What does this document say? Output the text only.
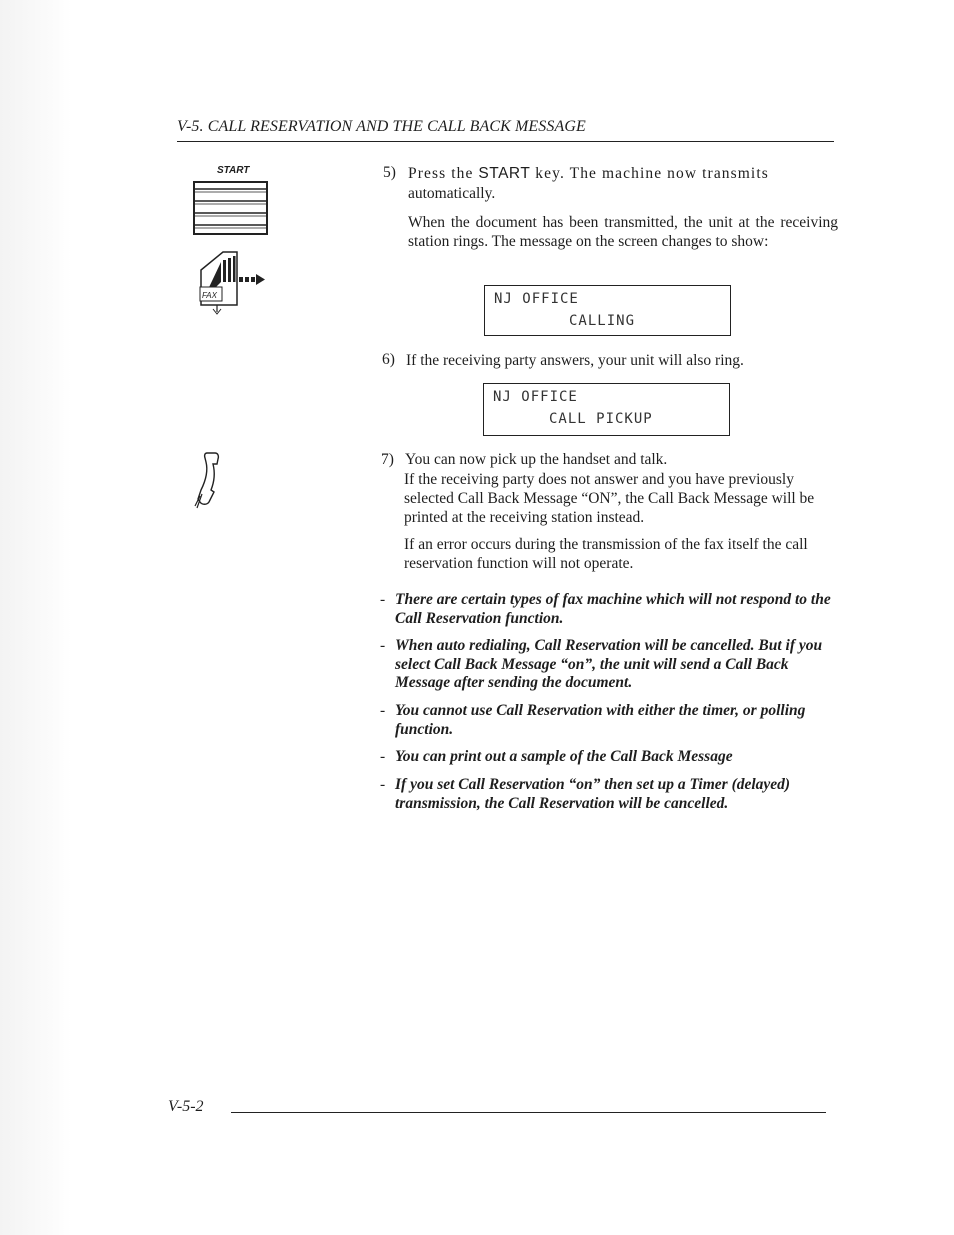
V-5. CALL RESERVATION AND THE CALL BACK MESSAGE
START
FAX
5) Press the START key. The machine now transmits
automatically.
When the document has been transmitted, the unit at the receiving station rings. The message on the screen changes to show:
NJ OFFICE
CALLING
6) If the receiving party answers, your unit will also ring.
NJ OFFICE
CALL PICKUP
7) You can now pick up the handset and talk.
If the receiving party does not answer and you have previously selected Call Back Message “ON”, the Call Back Message will be printed at the receiving station instead.
If an error occurs during the transmission of the fax itself the call reservation function will not operate.
- There are certain types of fax machine which will not respond to the Call Reservation function.
- When auto redialing, Call Reservation will be cancelled. But if you select Call Back Message “on”, the unit will send a Call Back Message after sending the document.
- You cannot use Call Reservation with either the timer, or polling function.
- You can print out a sample of the Call Back Message
- If you set Call Reservation “on” then set up a Timer (delayed) transmission, the Call Reservation will be cancelled.
V-5-2
